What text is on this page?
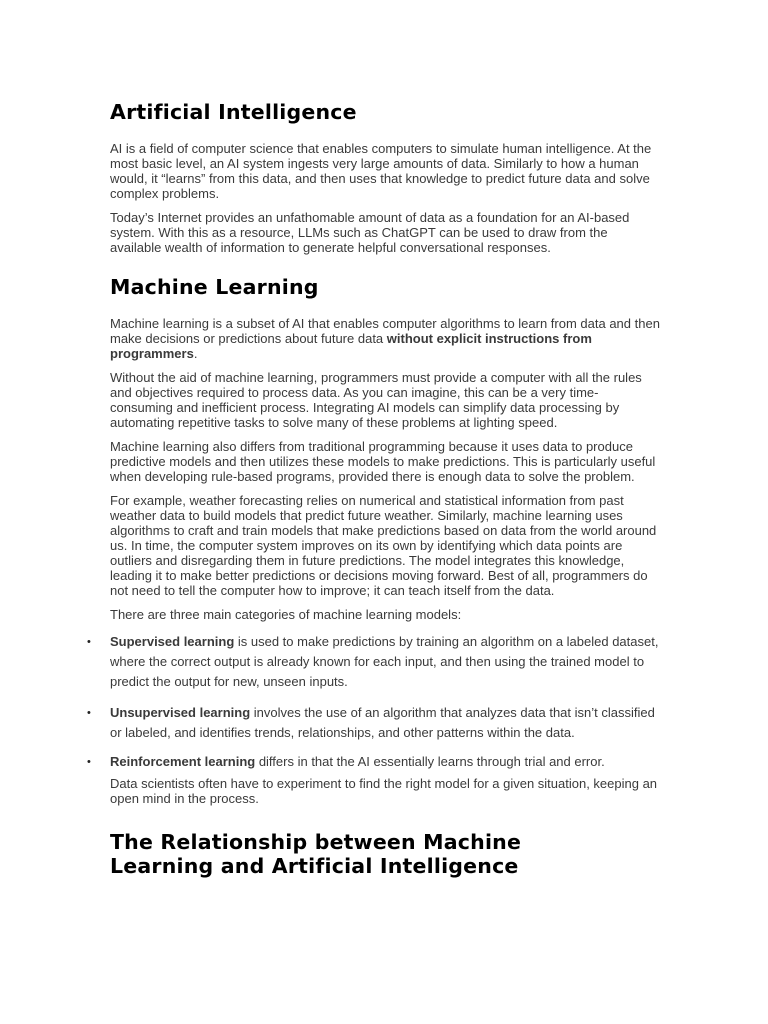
Artificial Intelligence

AI is a field of computer science that enables computers to simulate human intelligence. At the most basic level, an AI system ingests very large amounts of data. Similarly to how a human would, it “learns” from this data, and then uses that knowledge to predict future data and solve complex problems.

Today’s Internet provides an unfathomable amount of data as a foundation for an AI-based system. With this as a resource, LLMs such as ChatGPT can be used to draw from the available wealth of information to generate helpful conversational responses.

Machine Learning

Machine learning is a subset of AI that enables computer algorithms to learn from data and then make decisions or predictions about future data without explicit instructions from programmers.

Without the aid of machine learning, programmers must provide a computer with all the rules and objectives required to process data. As you can imagine, this can be a very time-consuming and inefficient process. Integrating AI models can simplify data processing by automating repetitive tasks to solve many of these problems at lighting speed.

Machine learning also differs from traditional programming because it uses data to produce predictive models and then utilizes these models to make predictions. This is particularly useful when developing rule-based programs, provided there is enough data to solve the problem.

For example, weather forecasting relies on numerical and statistical information from past weather data to build models that predict future weather. Similarly, machine learning uses algorithms to craft and train models that make predictions based on data from the world around us. In time, the computer system improves on its own by identifying which data points are outliers and disregarding them in future predictions. The model integrates this knowledge, leading it to make better predictions or decisions moving forward. Best of all, programmers do not need to tell the computer how to improve; it can teach itself from the data.

There are three main categories of machine learning models:

• Supervised learning is used to make predictions by training an algorithm on a labeled dataset, where the correct output is already known for each input, and then using the trained model to predict the output for new, unseen inputs.
• Unsupervised learning involves the use of an algorithm that analyzes data that isn’t classified or labeled, and identifies trends, relationships, and other patterns within the data.
• Reinforcement learning differs in that the AI essentially learns through trial and error.

Data scientists often have to experiment to find the right model for a given situation, keeping an open mind in the process.

The Relationship between Machine
Learning and Artificial Intelligence
